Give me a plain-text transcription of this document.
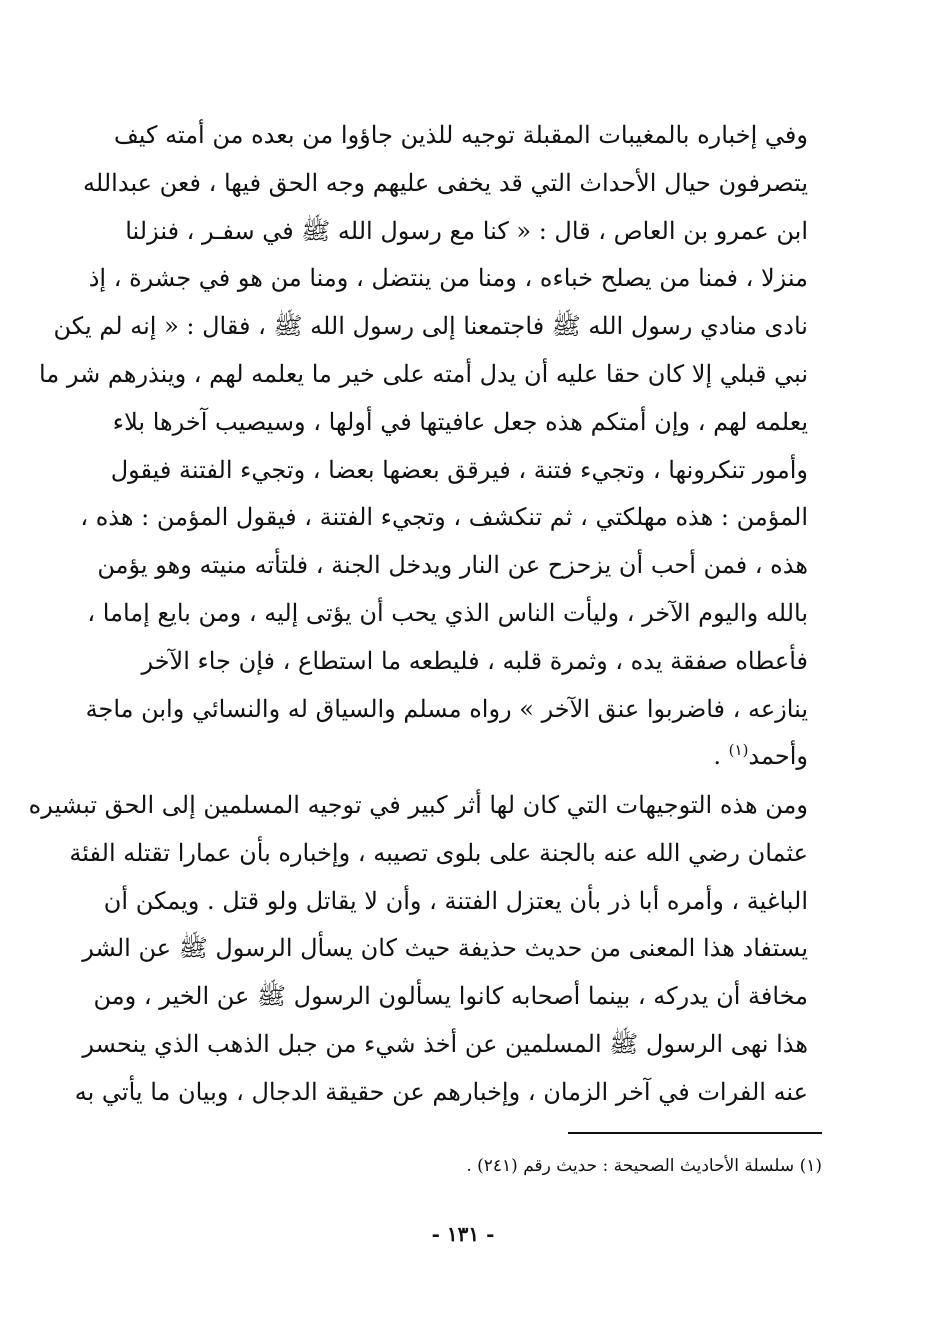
وفي إخباره بالمغيبات المقبلة توجيه للذين جاؤوا من بعده من أمته كيف
يتصرفون حيال الأحداث التي قد يخفى عليهم وجه الحق فيها ، فعن عبدالله
ابن عمرو بن العاص ، قال : « كنا مع رسول الله ﷺ في سفـر ، فنزلنا
منزلا ، فمنا من يصلح خباءه ، ومنا من ينتضل ، ومنا من هو في جشرة ، إذ
نادى منادي رسول الله ﷺ فاجتمعنا إلى رسول الله ﷺ ، فقال : « إنه لم يكن
نبي قبلي إلا كان حقا عليه أن يدل أمته على خير ما يعلمه لهم ، وينذرهم شر ما
يعلمه لهم ، وإن أمتكم هذه جعل عافيتها في أولها ، وسيصيب آخرها بلاء
وأمور تنكرونها ، وتجيء فتنة ، فيرقق بعضها بعضا ، وتجيء الفتنة فيقول
المؤمن : هذه مهلكتي ، ثم تنكشف ، وتجيء الفتنة ، فيقول المؤمن : هذه ،
هذه ، فمن أحب أن يزحزح عن النار ويدخل الجنة ، فلتأته منيته وهو يؤمن
بالله واليوم الآخر ، وليأت الناس الذي يحب أن يؤتى إليه ، ومن بايع إماما ،
فأعطاه صفقة يده ، وثمرة قلبه ، فليطعه ما استطاع ، فإن جاء الآخر
ينازعه ، فاضربوا عنق الآخر » رواه مسلم والسياق له والنسائي وابن ماجة
وأحمد$^{(١)}$ .
ومن هذه التوجيهات التي كان لها أثر كبير في توجيه المسلمين إلى الحق تبشيره
عثمان رضي الله عنه بالجنة على بلوى تصيبه ، وإخباره بأن عمارا تقتله الفئة
الباغية ، وأمره أبا ذر بأن يعتزل الفتنة ، وأن لا يقاتل ولو قتل . ويمكن أن
يستفاد هذا المعنى من حديث حذيفة حيث كان يسأل الرسول ﷺ عن الشر
مخافة أن يدركه ، بينما أصحابه كانوا يسألون الرسول ﷺ عن الخير ، ومن
هذا نهى الرسول ﷺ المسلمين عن أخذ شيء من جبل الذهب الذي ينحسر
عنه الفرات في آخر الزمان ، وإخبارهم عن حقيقة الدجال ، وبيان ما يأتي به
(١) سلسلة الأحاديث الصحيحة : حديث رقم (٢٤١) .
- ١٣١ -
